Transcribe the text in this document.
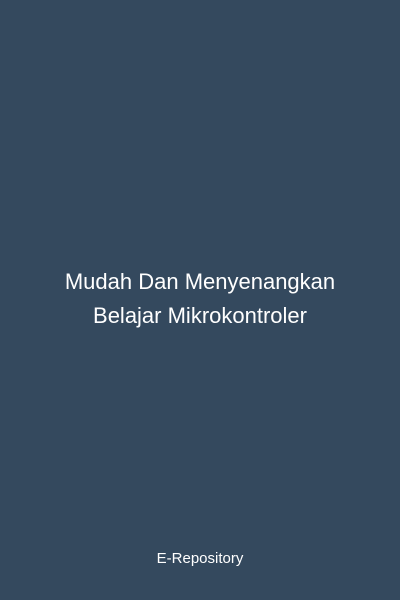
Mudah Dan Menyenangkan
Belajar Mikrokontroler
E-Repository
